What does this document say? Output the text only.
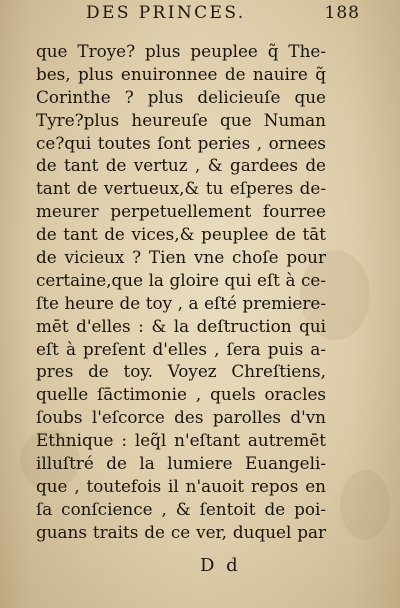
DES PRINCES.	188
que Troye? plus peuplee q̃ The-
bes, plus enuironnee de nauire q̃
Corinthe ? plus delicieuſe que
Tyre?plus heureuſe que Numan
ce?qui toutes ſont peries , ornees
de tant de vertuz , & gardees de
tant de vertueux,& tu eſperes de-
meurer perpetuellement fourree
de tant de vices,& peuplee de tāt
de vicieux ? Tien vne choſe pour
certaine,que la gloire qui eſt à ce-
ſte heure de toy , a eſté premiere-
mēt d'elles : & la deſtruction qui
eſt à preſent d'elles , ſera puis a-
pres de toy. Voyez Chreſtiens,
quelle ſāctimonie , quels oracles
ſoubs l'eſcorce des parolles d'vn
Ethnique : leq̃l n'eſtant autremēt
illuſtré de la lumiere Euangeli-
que , toutefois il n'auoit repos en
ſa conſcience , & ſentoit de poi-
guans traits de ce ver, duquel par
D d
